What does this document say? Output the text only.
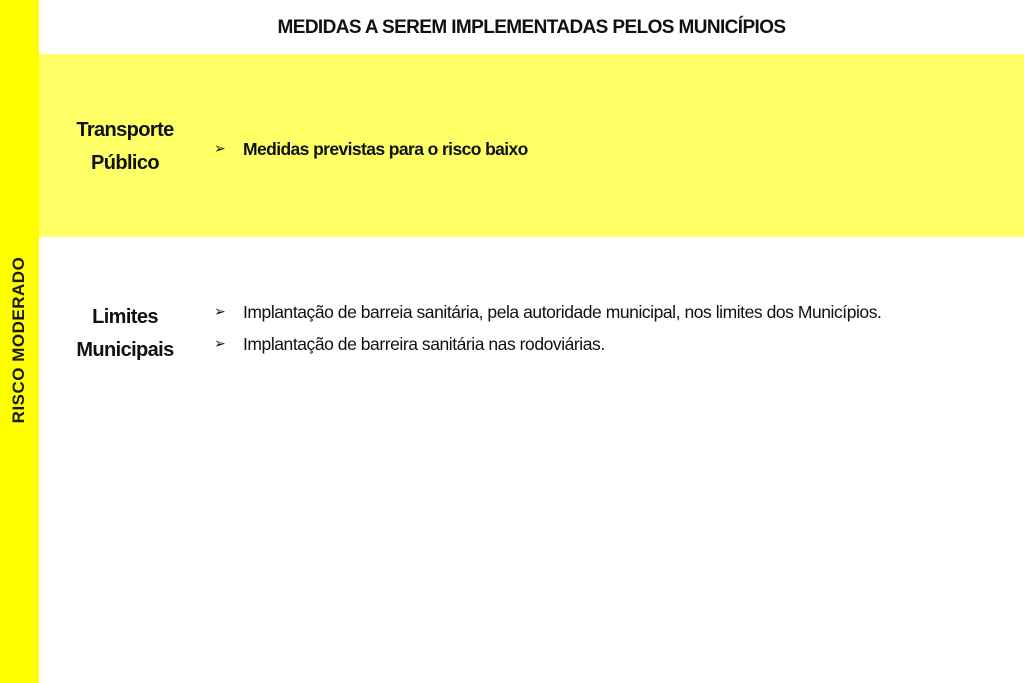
RISCO MODERADO
MEDIDAS A SEREM IMPLEMENTADAS PELOS MUNICÍPIOS
Transporte
Público
➢	Medidas previstas para o risco baixo
Limites
Municipais
➢	Implantação de barreia sanitária, pela autoridade municipal, nos limites dos Municípios.
➢	Implantação de barreira sanitária nas rodoviárias.
